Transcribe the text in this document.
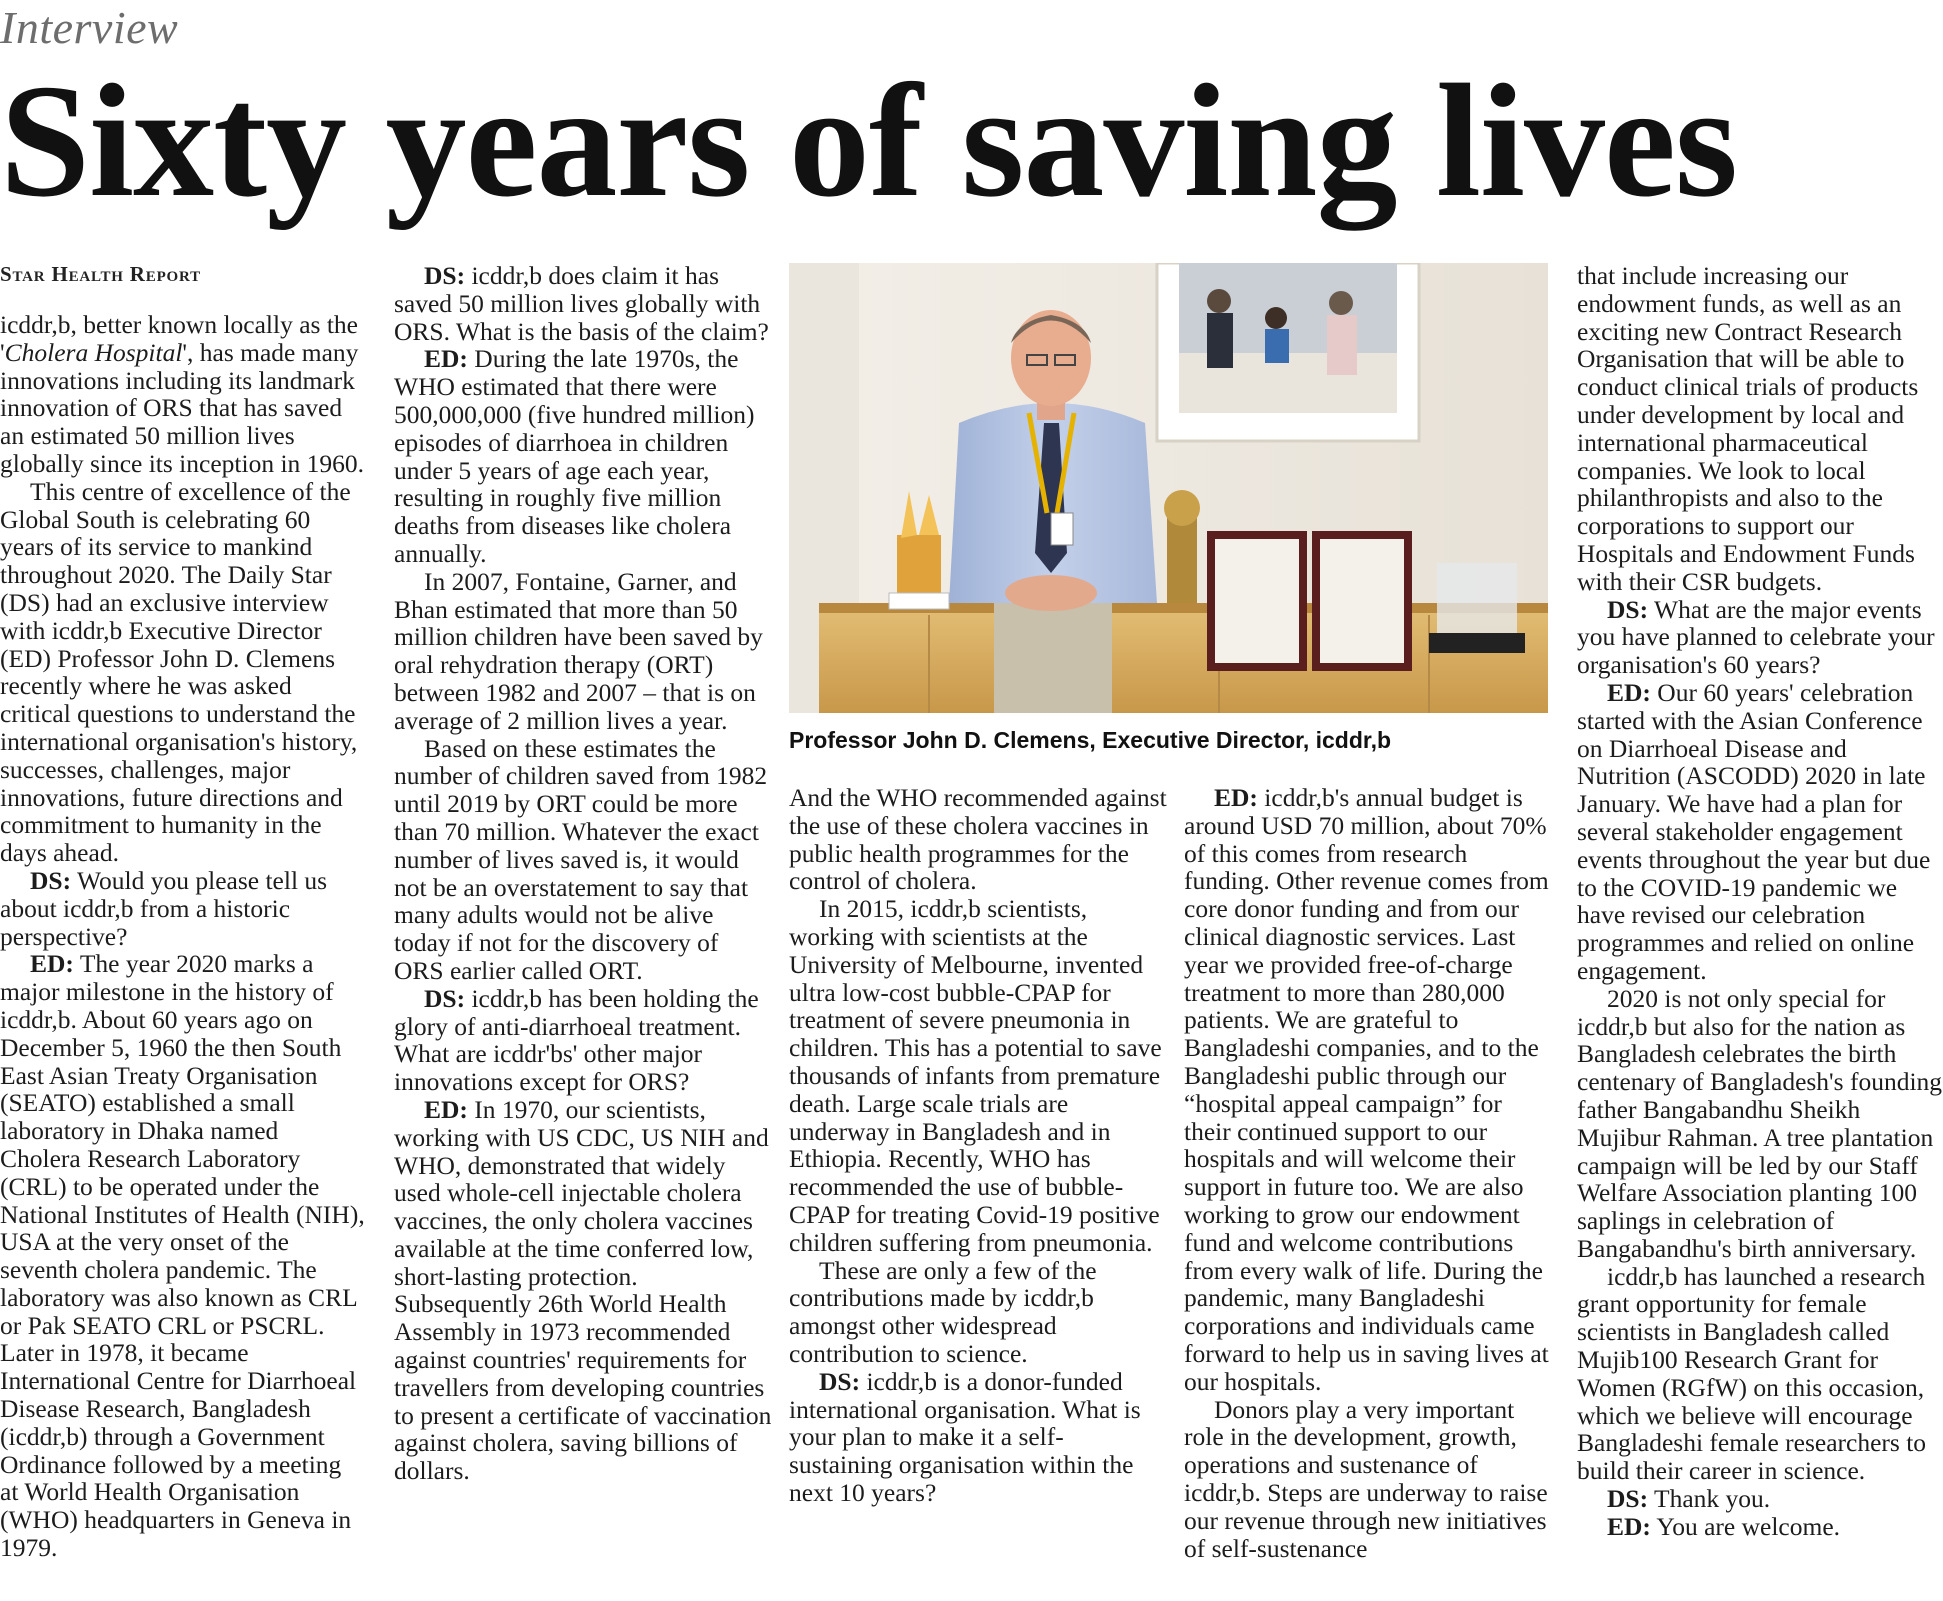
Interview
Sixty years of saving lives
Star Health Report

icddr,b, better known locally as the 'Cholera Hospital', has made many innovations including its landmark innovation of ORS that has saved an estimated 50 million lives globally since its inception in 1960.

This centre of excellence of the Global South is celebrating 60 years of its service to mankind throughout 2020. The Daily Star (DS) had an exclusive interview with icddr,b Executive Director (ED) Professor John D. Clemens recently where he was asked critical questions to understand the international organisation's history, successes, challenges, major innovations, future directions and commitment to humanity in the days ahead.

DS: Would you please tell us about icddr,b from a historic perspective?

ED: The year 2020 marks a major milestone in the history of icddr,b. About 60 years ago on December 5, 1960 the then South East Asian Treaty Organisation (SEATO) established a small laboratory in Dhaka named Cholera Research Laboratory (CRL) to be operated under the National Institutes of Health (NIH), USA at the very onset of the seventh cholera pandemic. The laboratory was also known as CRL or Pak SEATO CRL or PSCRL. Later in 1978, it became International Centre for Diarrhoeal Disease Research, Bangladesh (icddr,b) through a Government Ordinance followed by a meeting at World Health Organisation (WHO) headquarters in Geneva in 1979.

DS: icddr,b does claim it has saved 50 million lives globally with ORS. What is the basis of the claim?

ED: During the late 1970s, the WHO estimated that there were 500,000,000 (five hundred million) episodes of diarrhoea in children under 5 years of age each year, resulting in roughly five million deaths from diseases like cholera annually.

In 2007, Fontaine, Garner, and Bhan estimated that more than 50 million children have been saved by oral rehydration therapy (ORT) between 1982 and 2007 – that is on average of 2 million lives a year.

Based on these estimates the number of children saved from 1982 until 2019 by ORT could be more than 70 million. Whatever the exact number of lives saved is, it would not be an overstatement to say that many adults would not be alive today if not for the discovery of ORS earlier called ORT.

DS: icddr,b has been holding the glory of anti-diarrhoeal treatment. What are icddr'bs' other major innovations except for ORS?

ED: In 1970, our scientists, working with US CDC, US NIH and WHO, demonstrated that widely used whole-cell injectable cholera vaccines, the only cholera vaccines available at the time conferred low, short-lasting protection. Subsequently 26th World Health Assembly in 1973 recommended against countries' requirements for travellers from developing countries to present a certificate of vaccination against cholera, saving billions of dollars.

Professor John D. Clemens, Executive Director, icddr,b

And the WHO recommended against the use of these cholera vaccines in public health programmes for the control of cholera.

In 2015, icddr,b scientists, working with scientists at the University of Melbourne, invented ultra low-cost bubble-CPAP for treatment of severe pneumonia in children. This has a potential to save thousands of infants from premature death. Large scale trials are underway in Bangladesh and in Ethiopia. Recently, WHO has recommended the use of bubble-CPAP for treating Covid-19 positive children suffering from pneumonia.

These are only a few of the contributions made by icddr,b amongst other widespread contribution to science.

DS: icddr,b is a donor-funded international organisation. What is your plan to make it a self-sustaining organisation within the next 10 years?

ED: icddr,b's annual budget is around USD 70 million, about 70% of this comes from research funding. Other revenue comes from core donor funding and from our clinical diagnostic services. Last year we provided free-of-charge treatment to more than 280,000 patients. We are grateful to Bangladeshi companies, and to the Bangladeshi public through our “hospital appeal campaign” for their continued support to our hospitals and will welcome their support in future too. We are also working to grow our endowment fund and welcome contributions from every walk of life. During the pandemic, many Bangladeshi corporations and individuals came forward to help us in saving lives at our hospitals.

Donors play a very important role in the development, growth, operations and sustenance of icddr,b. Steps are underway to raise our revenue through new initiatives of self-sustenance

that include increasing our endowment funds, as well as an exciting new Contract Research Organisation that will be able to conduct clinical trials of products under development by local and international pharmaceutical companies. We look to local philanthropists and also to the corporations to support our Hospitals and Endowment Funds with their CSR budgets.

DS: What are the major events you have planned to celebrate your organisation's 60 years?

ED: Our 60 years' celebration started with the Asian Conference on Diarrhoeal Disease and Nutrition (ASCODD) 2020 in late January. We have had a plan for several stakeholder engagement events throughout the year but due to the COVID-19 pandemic we have revised our celebration programmes and relied on online engagement.

2020 is not only special for icddr,b but also for the nation as Bangladesh celebrates the birth centenary of Bangladesh's founding father Bangabandhu Sheikh Mujibur Rahman. A tree plantation campaign will be led by our Staff Welfare Association planting 100 saplings in celebration of Bangabandhu's birth anniversary.

icddr,b has launched a research grant opportunity for female scientists in Bangladesh called Mujib100 Research Grant for Women (RGfW) on this occasion, which we believe will encourage Bangladeshi female researchers to build their career in science.

DS: Thank you.

ED: You are welcome.
